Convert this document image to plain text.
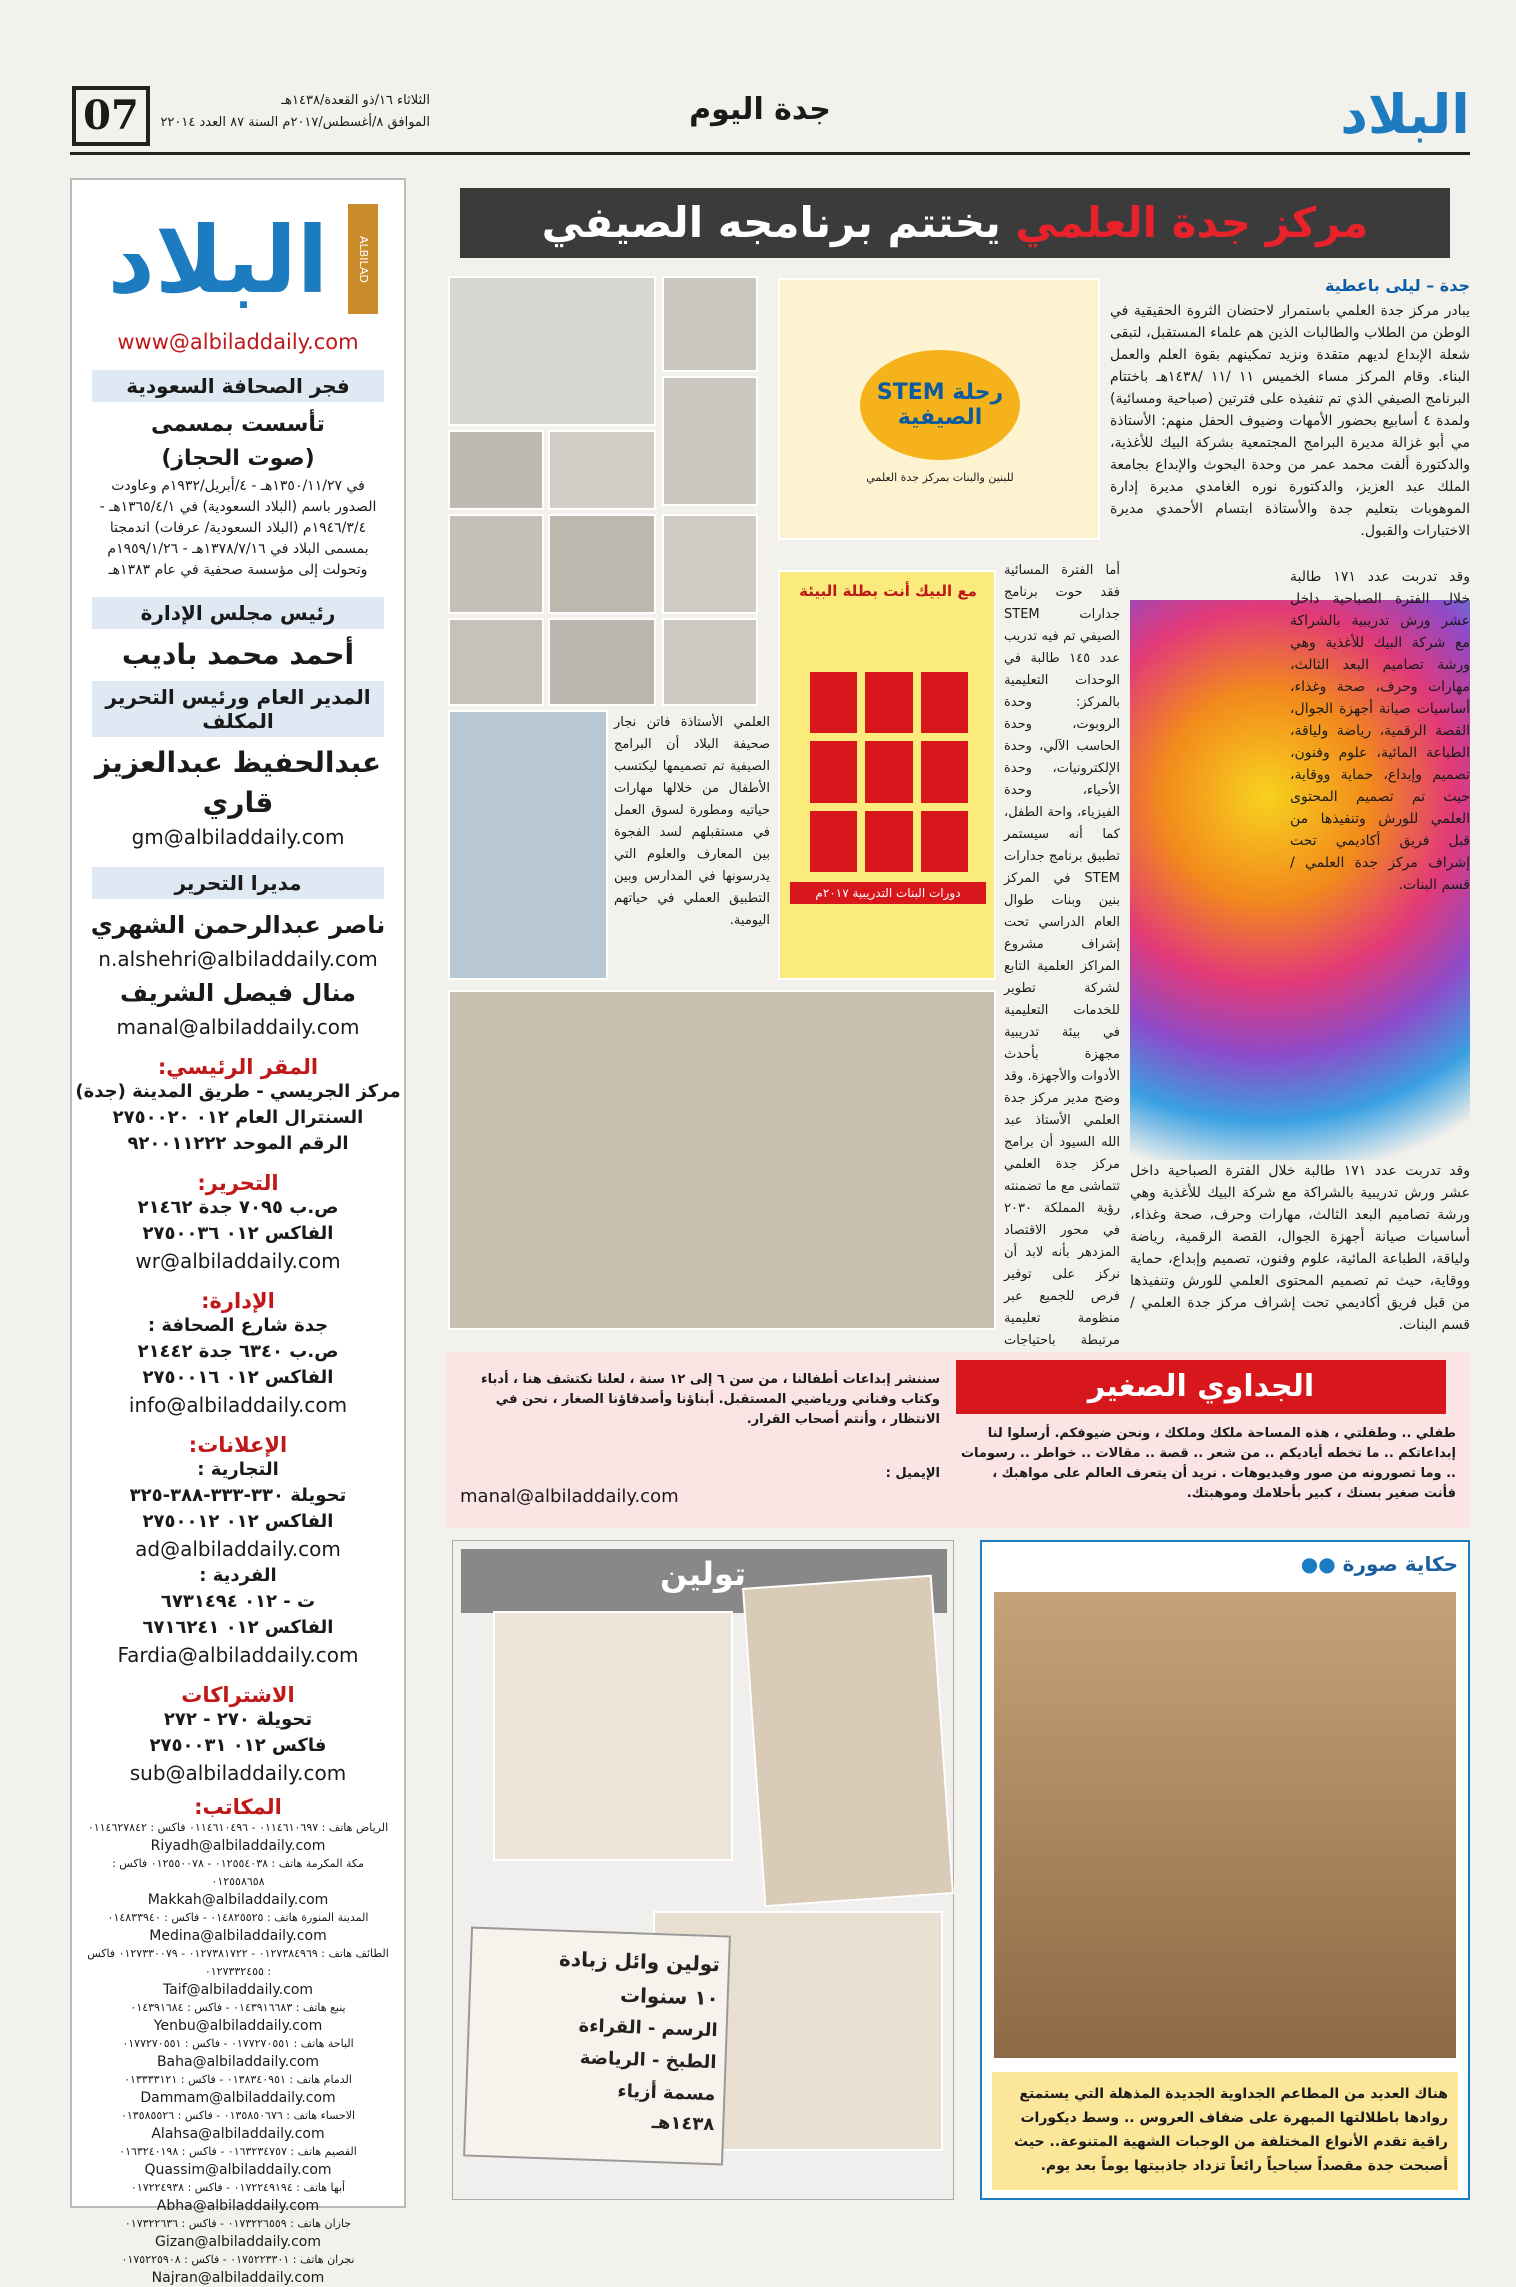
البلاد
جدة اليوم
الثلاثاء ١٦/ذو القعدة/١٤٣٨هـ
الموافق ٨/أغسطس/٢٠١٧م السنة ٨٧ العدد ٢٢٠١٤
07
البلاد	ALBILAD
www@albiladdaily.com
فجر الصحافة السعودية
تأسست بمسمى
(صوت الحجاز)
في ١٣٥٠/١١/٢٧هـ - ٤/أبريل/١٩٣٢م وعاودت الصدور باسم (البلاد السعودية) في ١٣٦٥/٤/١هـ - ١٩٤٦/٣/٤م (البلاد السعودية/ عرفات) اندمجتا بمسمى البلاد في ١٣٧٨/٧/١٦هـ - ١٩٥٩/١/٢٦م وتحولت إلى مؤسسة صحفية في عام ١٣٨٣هـ
رئيس مجلس الإدارة
أحمد محمد باديب
المدير العام ورئيس التحرير المكلف
عبدالحفيظ عبدالعزيز قاري
gm@albiladdaily.com
مديرا التحرير
ناصر عبدالرحمن الشهري
n.alshehri@albiladdaily.com
منال فيصل الشريف
manal@albiladdaily.com
المقر الرئيسي:
مركز الجريسي - طريق المدينة (جدة)
السنترال العام ٠١٢ ٢٧٥٠٠٢٠
الرقم الموحد ٩٢٠٠١١٢٢٢
التحرير:
ص.ب ٧٠٩٥ جدة ٢١٤٦٢
الفاكس ٠١٢ ٢٧٥٠٠٣٦
wr@albiladdaily.com
الإدارة:
جدة شارع الصحافة :
ص.ب ٦٣٤٠ جدة ٢١٤٤٢
الفاكس ٠١٢ ٢٧٥٠٠١٦
info@albiladdaily.com
الإعلانات:
التجارية :
تحويلة ٣٣٠-٣٣٣-٣٨٨-٣٢٥
الفاكس ٠١٢ ٢٧٥٠٠١٢
ad@albiladdaily.com
الفردية :
ت - ٠١٢ ٦٧٣١٤٩٤
الفاكس ٠١٢ ٦٧١٦٢٤١
Fardia@albiladdaily.com
الاشتراكات
تحويلة ٢٧٠ - ٢٧٢
فاكس ٠١٢ ٢٧٥٠٠٣١
sub@albiladdaily.com
المكاتب:
الرياض هاتف : ٠١١٤٦١٠٦٩٧ - ٠١١٤٦١٠٤٩٦ فاكس : ٠١١٤٦٢٧٨٤٢
Riyadh@albiladdaily.com
مكة المكرمة هاتف : ٠١٢٥٥٤٠٣٨ - ٠١٢٥٥٠٠٧٨ فاكس : ٠١٢٥٥٨٦٥٨
Makkah@albiladdaily.com
المدينة المنورة هاتف : ٠١٤٨٢٥٥٢٥ - فاكس : ٠١٤٨٣٣٩٤٠
Medina@albiladdaily.com
الطائف هاتف : ٠١٢٧٣٨٤٩٦٩ - ٠١٢٧٣٨١٧٢٢ - ٠١٢٧٣٣٠٠٧٩ فاكس : ٠١٢٧٣٣٢٤٥٥
Taif@albiladdaily.com
ينبع هاتف : ٠١٤٣٩١٦٦٨٣ - فاكس : ٠١٤٣٩١٦٨٤
Yenbu@albiladdaily.com
الباحة هاتف : ٠١٧٧٢٧٠٥٥١ - فاكس : ٠١٧٧٢٧٠٥٥١
Baha@albiladdaily.com
الدمام هاتف : ٠١٣٨٣٤٠٩٥١ - فاكس : ٠١٣٣٣٣١٢١
Dammam@albiladdaily.com
الاحساء هاتف : ٠١٣٥٨٥٠٦٧٦ - فاكس : ٠١٣٥٨٥٥٢٦
Alahsa@albiladdaily.com
القصيم هاتف : ٠١٦٣٢٣٤٧٥٧ - فاكس : ٠١٦٣٢٤٠١٩٨
Quassim@albiladdaily.com
أبها هاتف : ٠١٧٢٢٤٩١٩٤ - فاكس : ٠١٧٢٢٤٩٣٨
Abha@albiladdaily.com
جازان هاتف : ٠١٧٣٢٢٦٥٥٩ - فاكس : ٠١٧٣٢٢٦٣٦
Gizan@albiladdaily.com
نجران هاتف : ٠١٧٥٢٢٣٣٠١ - فاكس : ٠١٧٥٢٢٥٩٠٨
Najran@albiladdaily.com
مركز جدة العلمي يختتم برنامجه الصيفي
جدة – ليلى باعطية
رحلة STEM الصيفية
للبنين والبنات بمركز جدة العلمي
مع البيك أنت بطلة البيئة
دورات البنات التدريبية ٢٠١٧م
يبادر مركز جدة العلمي باستمرار لاحتضان الثروة الحقيقية في الوطن من الطلاب والطالبات الذين هم علماء المستقبل، لتبقى شعلة الإبداع لديهم متقدة ونزيد تمكينهم بقوة العلم والعمل البناء. وقام المركز مساء الخميس ١١ /١١ /١٤٣٨هـ باختتام البرنامج الصيفي الذي تم تنفيذه على فترتين (صباحية ومسائية) ولمدة ٤ أسابيع بحضور الأمهات وضيوف الحفل منهم: الأستاذة مي أبو غزالة مديرة البرامج المجتمعية بشركة البيك للأغذية، والدكتورة ألفت محمد عمر من وحدة البحوث والإبداع بجامعة الملك عبد العزيز، والدكتورة نوره الغامدي مديرة إدارة الموهوبات بتعليم جدة والأستاذة ابتسام الأحمدي مديرة الاختبارات والقبول.
وقد تدربت عدد ١٧١ طالبة خلال الفترة الصباحية داخل عشر ورش تدريبية بالشراكة مع شركة البيك للأغذية وهي ورشة تصاميم البعد الثالث، مهارات وحرف، صحة وغذاء، أساسيات صيانة أجهزة الجوال، القصة الرقمية، رياضة ولياقة، الطباعة المائية، علوم وفنون، تصميم وإبداع، حماية ووقاية، حيث تم تصميم المحتوى العلمي للورش وتنفيذها من قبل فريق أكاديمي تحت إشراف مركز جدة العلمي / قسم البنات.
وقد تدربت عدد ١٧١ طالبة خلال الفترة الصباحية داخل عشر ورش تدريبية بالشراكة مع شركة البيك للأغذية وهي ورشة تصاميم البعد الثالث، مهارات وحرف، صحة وغذاء، أساسيات صيانة أجهزة الجوال، القصة الرقمية، رياضة ولياقة، الطباعة المائية، علوم وفنون، تصميم وإبداع، حماية ووقاية، حيث تم تصميم المحتوى العلمي للورش وتنفيذها من قبل فريق أكاديمي تحت إشراف مركز جدة العلمي / قسم البنات.
أما الفترة المسائية فقد حوت برنامج جدارات STEM الصيفي تم فيه تدريب عدد ١٤٥ طالبة في الوحدات التعليمية بالمركز: وحدة الروبوت، وحدة الحاسب الآلي، وحدة الإلكترونيات، وحدة الأحياء، وحدة الفيزياء، واحة الطفل، كما أنه سيستمر تطبيق برنامج جدارات STEM في المركز بنين وبنات طوال العام الدراسي تحت إشراف مشروع المراكز العلمية التابع لشركة تطوير للخدمات التعليمية في بيئة تدريبية مجهزة بأحدث الأدوات والأجهزة. وقد وضح مدير مركز جدة العلمي الأستاذ عبد الله السيود أن برامج مركز جدة العلمي تتماشى مع ما تضمنته رؤية المملكة ٢٠٣٠ في محور الاقتصاد المزدهر بأنه لابد أن نركز على توفير فرص للجميع عبر منظومة تعليمية مرتبطة باحتياجات
العلمي الأستاذة فاتن نجار صحيفة البلاد أن البرامج الصيفية تم تصميمها ليكتسب الأطفال من خلالها مهارات حياتيه ومطورة لسوق العمل في مستقبلهم لسد الفجوة بين المعارف والعلوم التي يدرسونها في المدارس وبين التطبيق العملي في حياتهم اليومية.
الجداوي الصغير
طفلي .. وطفلتي ، هذه المساحة ملكك وملكك ، ونحن ضيوفكم. أرسلوا لنا إبداعاتكم .. ما تخطه أياديكم .. من شعر .. قصة .. مقالات .. خواطر .. رسومات .. وما تصورونه من صور وفيديوهات . نريد أن يتعرف العالم على مواهبك ، فأنت صغير بسنك ، كبير بأحلامك وموهبتك.
سننشر إبداعات أطفالنا ، من سن ٦ إلى ١٢ سنة ، لعلنا نكتشف هنا ، أدباء وكتاب وفناني ورياضيي المستقبل. أبناؤنا وأصدقاؤنا الصغار ، نحن في الانتظار ، وأنتم أصحاب القرار.
الإيميل :
manal@albiladdaily.com
تولين
تولين وائل زبادة
١٠ سنوات
الرسم - القراءة
الطبخ - الرياضة
مسمة أزياء
١٤٣٨هـ
حكاية صورة ●●
هناك العديد من المطاعم الجداوية الجديدة المذهلة التي يستمتع روادها باطلالتها المبهرة على ضفاف العروس .. وسط ديكورات راقية تقدم الأنواع المختلفة من الوجبات الشهية المتنوعة.. حيث أصبحت جدة مقصداً سياحياً رائعاً تزداد جاذبيتها يوماً بعد يوم.
